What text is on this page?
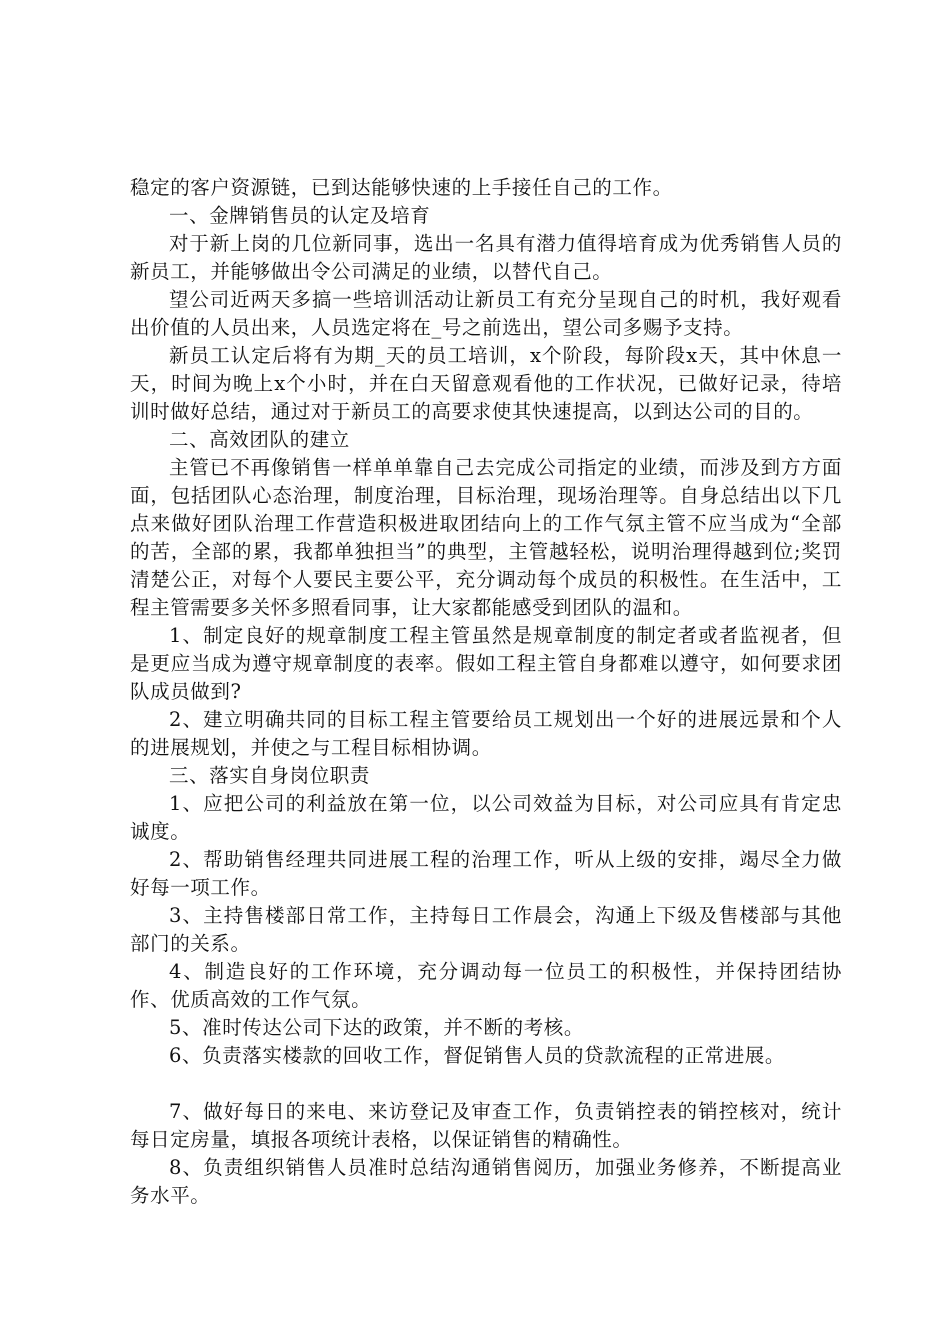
稳定的客户资源链，已到达能够快速的上手接任自己的工作。

一、金牌销售员的认定及培育

对于新上岗的几位新同事，选出一名具有潜力值得培育成为优秀销售人员的新员工，并能够做出令公司满足的业绩，以替代自己。

望公司近两天多搞一些培训活动让新员工有充分呈现自己的时机，我好观看出价值的人员出来，人员选定将在_号之前选出，望公司多赐予支持。

新员工认定后将有为期_天的员工培训，x个阶段，每阶段x天，其中休息一天，时间为晚上x个小时，并在白天留意观看他的工作状况，已做好记录，待培训时做好总结，通过对于新员工的高要求使其快速提高，以到达公司的目的。

二、高效团队的建立

主管已不再像销售一样单单靠自己去完成公司指定的业绩，而涉及到方方面面，包括团队心态治理，制度治理，目标治理，现场治理等。自身总结出以下几点来做好团队治理工作营造积极进取团结向上的工作气氛主管不应当成为“全部的苦，全部的累，我都单独担当”的典型，主管越轻松，说明治理得越到位;奖罚清楚公正，对每个人要民主要公平，充分调动每个成员的积极性。在生活中，工程主管需要多关怀多照看同事，让大家都能感受到团队的温和。

1、制定良好的规章制度工程主管虽然是规章制度的制定者或者监视者，但是更应当成为遵守规章制度的表率。假如工程主管自身都难以遵守，如何要求团队成员做到?

2、建立明确共同的目标工程主管要给员工规划出一个好的进展远景和个人的进展规划，并使之与工程目标相协调。

三、落实自身岗位职责

1、应把公司的利益放在第一位，以公司效益为目标，对公司应具有肯定忠诚度。

2、帮助销售经理共同进展工程的治理工作，听从上级的安排，竭尽全力做好每一项工作。

3、主持售楼部日常工作，主持每日工作晨会，沟通上下级及售楼部与其他部门的关系。

4、制造良好的工作环境，充分调动每一位员工的积极性，并保持团结协作、优质高效的工作气氛。

5、准时传达公司下达的政策，并不断的考核。

6、负责落实楼款的回收工作，督促销售人员的贷款流程的正常进展。

7、做好每日的来电、来访登记及审查工作，负责销控表的销控核对，统计每日定房量，填报各项统计表格，以保证销售的精确性。

8、负责组织销售人员准时总结沟通销售阅历，加强业务修养，不断提高业务水平。
